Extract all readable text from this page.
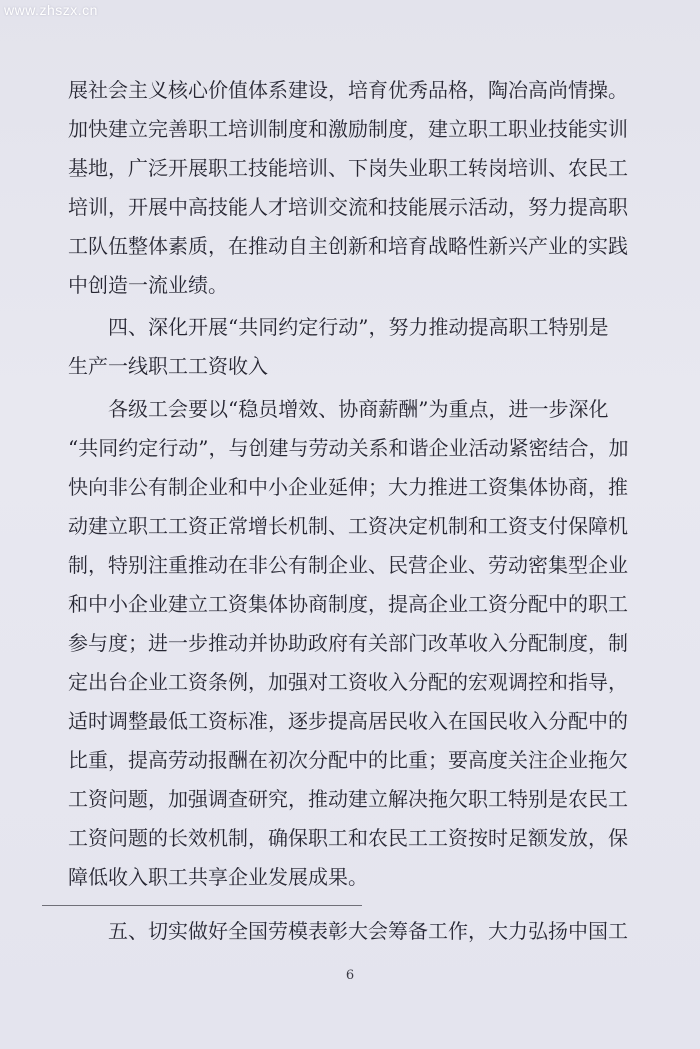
www.zhszx.cn
展社会主义核心价值体系建设，培育优秀品格，陶冶高尚情操。
加快建立完善职工培训制度和激励制度，建立职工职业技能实训
基地，广泛开展职工技能培训、下岗失业职工转岗培训、农民工
培训，开展中高技能人才培训交流和技能展示活动，努力提高职
工队伍整体素质，在推动自主创新和培育战略性新兴产业的实践
中创造一流业绩。
四、深化开展“共同约定行动”，努力推动提高职工特别是
生产一线职工工资收入
各级工会要以“稳员增效、协商薪酬”为重点，进一步深化
“共同约定行动”，与创建与劳动关系和谐企业活动紧密结合，加
快向非公有制企业和中小企业延伸；大力推进工资集体协商，推
动建立职工工资正常增长机制、工资决定机制和工资支付保障机
制，特别注重推动在非公有制企业、民营企业、劳动密集型企业
和中小企业建立工资集体协商制度，提高企业工资分配中的职工
参与度；进一步推动并协助政府有关部门改革收入分配制度，制
定出台企业工资条例，加强对工资收入分配的宏观调控和指导，
适时调整最低工资标准，逐步提高居民收入在国民收入分配中的
比重，提高劳动报酬在初次分配中的比重；要高度关注企业拖欠
工资问题，加强调查研究，推动建立解决拖欠职工特别是农民工
工资问题的长效机制，确保职工和农民工工资按时足额发放，保
障低收入职工共享企业发展成果。
五、切实做好全国劳模表彰大会筹备工作，大力弘扬中国工
6
